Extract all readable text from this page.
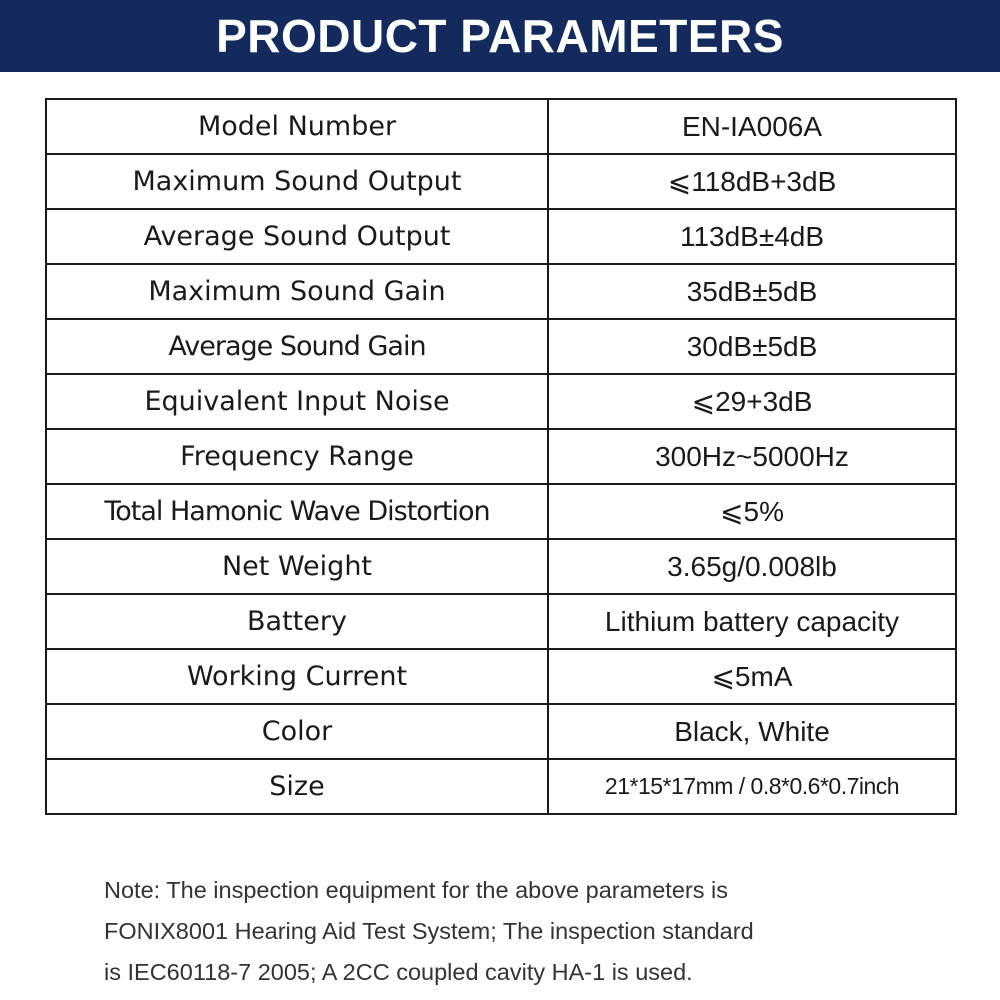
PRODUCT PARAMETERS
Model Number	EN-IA006A
Maximum Sound Output	⩽118dB+3dB
Average Sound Output	113dB±4dB
Maximum Sound Gain	35dB±5dB
Average Sound Gain	30dB±5dB
Equivalent Input Noise	⩽29+3dB
Frequency Range	300Hz~5000Hz
Total Hamonic Wave Distortion	⩽5%
Net Weight	3.65g/0.008lb
Battery	Lithium battery capacity
Working Current	⩽5mA
Color	Black, White
Size	21*15*17mm / 0.8*0.6*0.7inch
Note: The inspection equipment for the above parameters is
FONIX8001 Hearing Aid Test System; The inspection standard
is IEC60118-7 2005; A 2CC coupled cavity HA-1 is used.
